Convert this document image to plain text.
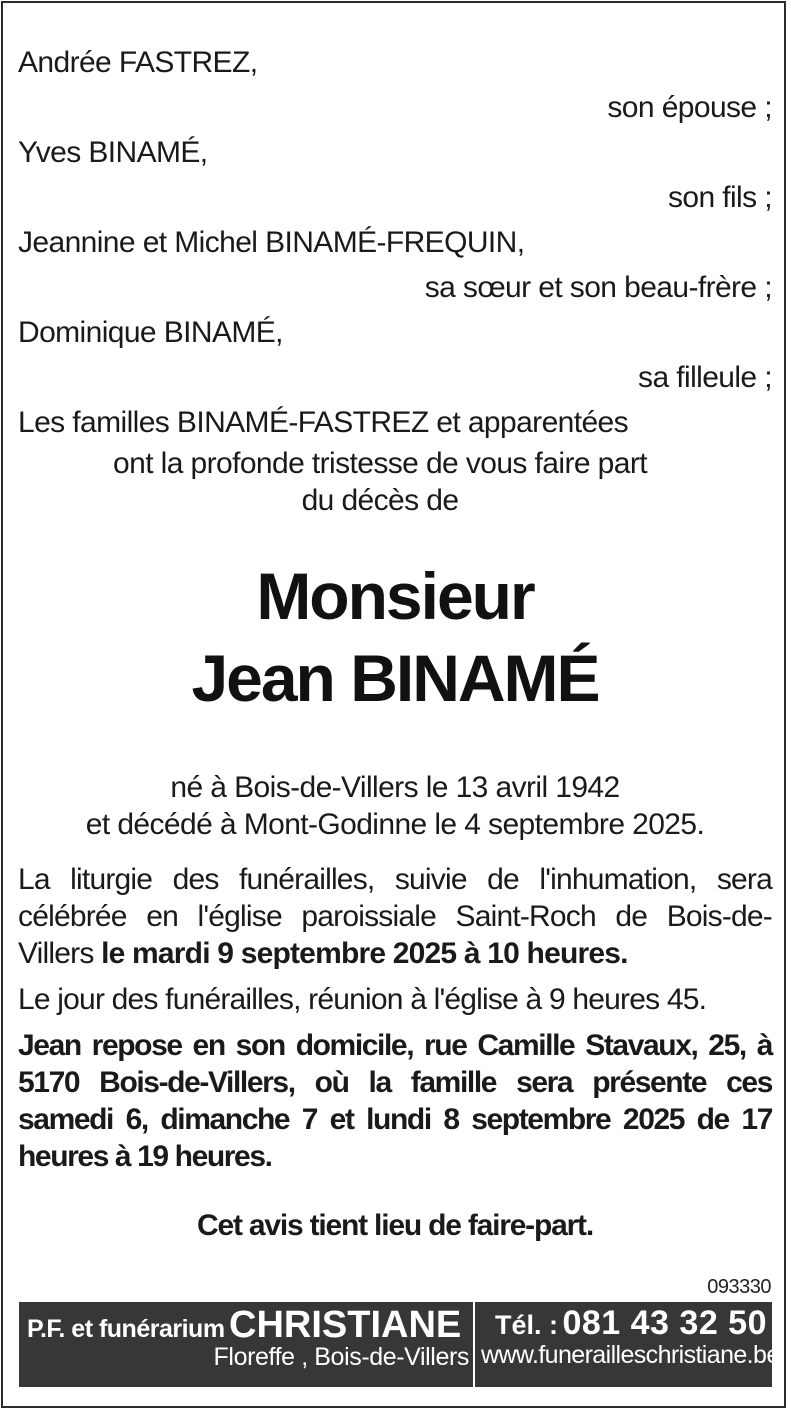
Andrée FASTREZ,
son épouse ;
Yves BINAMÉ,
son fils ;
Jeannine et Michel BINAMÉ-FREQUIN,
sa sœur et son beau-frère ;
Dominique BINAMÉ,
sa filleule ;
Les familles BINAMÉ-FASTREZ et apparentées
ont la profonde tristesse de vous faire part
du décès de
Monsieur
Jean BINAMÉ
né à Bois-de-Villers le 13 avril 1942
et décédé à Mont-Godinne le 4 septembre 2025.
La liturgie des funérailles, suivie de l'inhumation, sera célébrée en l'église paroissiale Saint-Roch de Bois-de-Villers le mardi 9 septembre 2025 à 10 heures.
Le jour des funérailles, réunion à l'église à 9 heures 45.
Jean repose en son domicile, rue Camille Stavaux, 25, à 5170 Bois-de-Villers, où la famille sera présente ces samedi 6, dimanche 7 et lundi 8 septembre 2025 de 17 heures à 19 heures.
Cet avis tient lieu de faire-part.
093330
P.F. et funérarium CHRISTIANE
Floreffe , Bois-de-Villers
Tél. : 081 43 32 50
www.funerailleschristiane.be
